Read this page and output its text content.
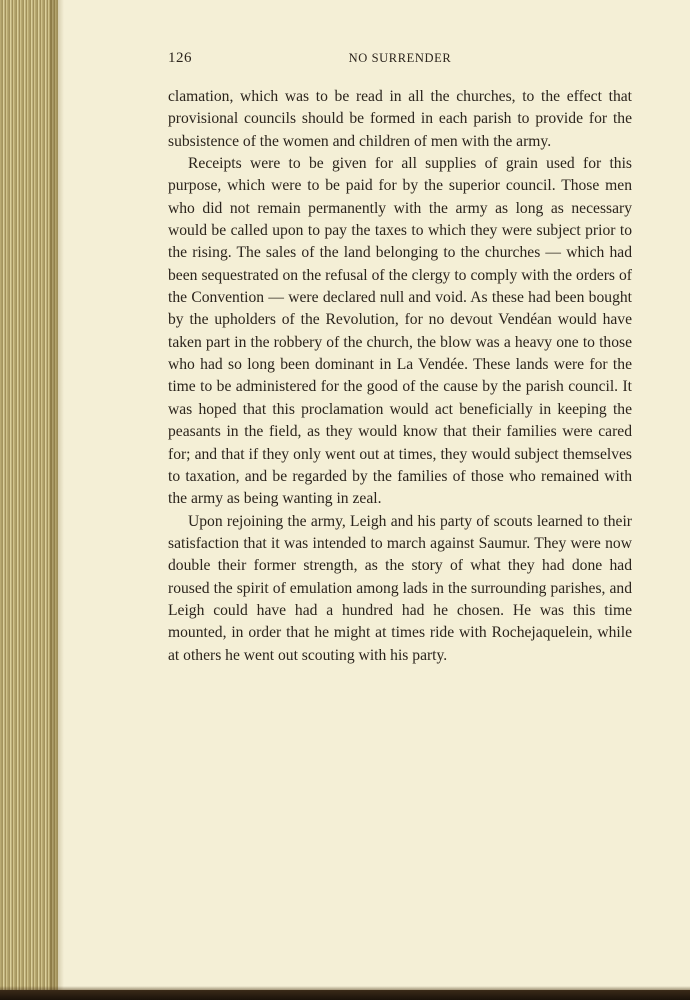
126	NO SURRENDER

clamation, which was to be read in all the churches, to the effect that provisional councils should be formed in each parish to provide for the subsistence of the women and children of men with the army.

Receipts were to be given for all supplies of grain used for this purpose, which were to be paid for by the superior council. Those men who did not remain permanently with the army as long as necessary would be called upon to pay the taxes to which they were subject prior to the rising. The sales of the land belonging to the churches — which had been sequestrated on the refusal of the clergy to comply with the orders of the Convention — were declared null and void. As these had been bought by the upholders of the Revolution, for no devout Vendéan would have taken part in the robbery of the church, the blow was a heavy one to those who had so long been dominant in La Vendée. These lands were for the time to be administered for the good of the cause by the parish council. It was hoped that this proclamation would act beneficially in keeping the peasants in the field, as they would know that their families were cared for; and that if they only went out at times, they would subject themselves to taxation, and be regarded by the families of those who remained with the army as being wanting in zeal.

Upon rejoining the army, Leigh and his party of scouts learned to their satisfaction that it was intended to march against Saumur. They were now double their former strength, as the story of what they had done had roused the spirit of emulation among lads in the surrounding parishes, and Leigh could have had a hundred had he chosen. He was this time mounted, in order that he might at times ride with Rochejaquelein, while at others he went out scouting with his party.
